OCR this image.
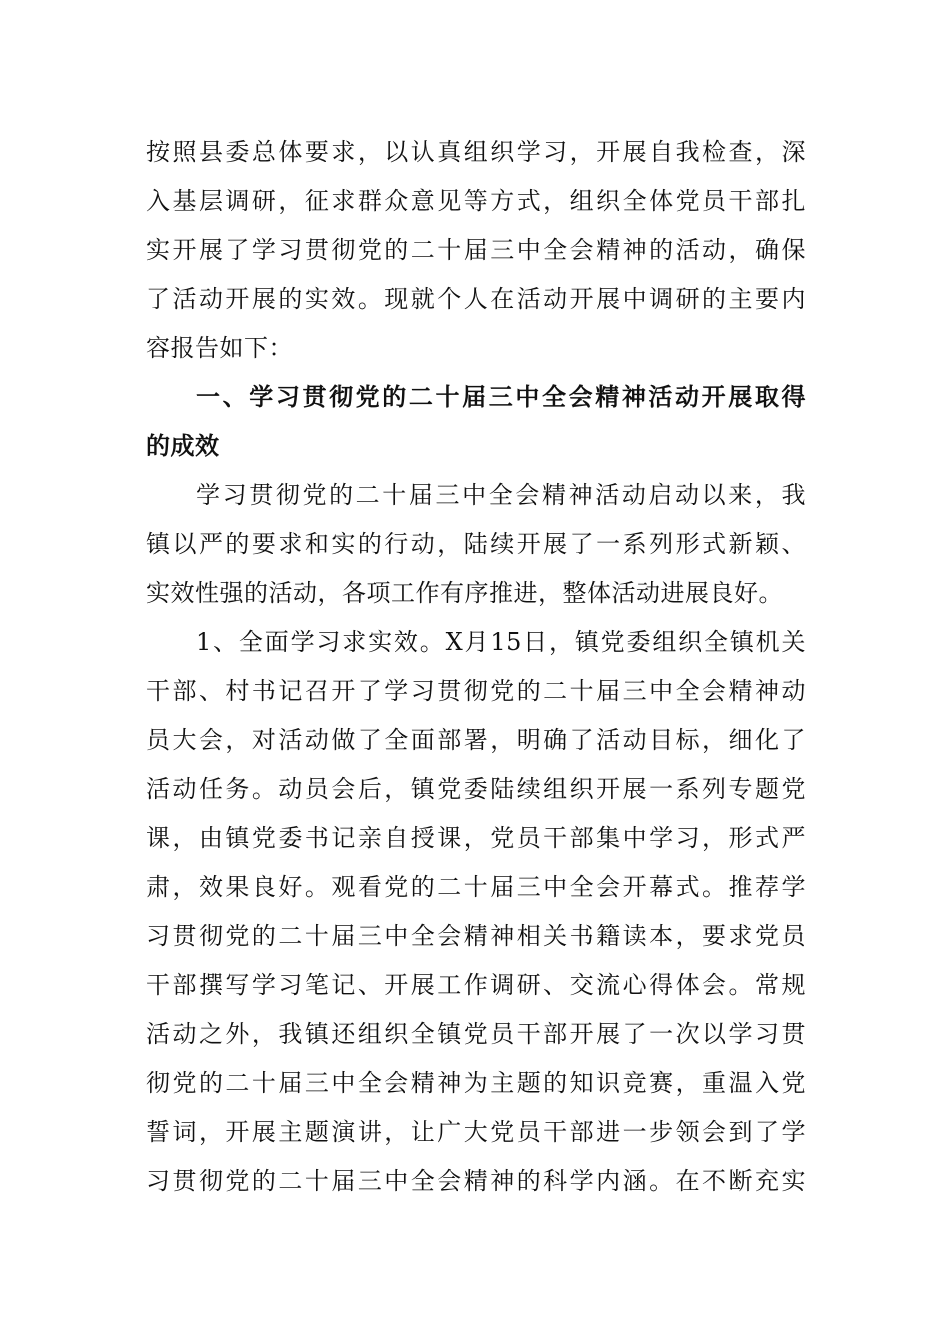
按照县委总体要求，以认真组织学习，开展自我检查，深
入基层调研，征求群众意见等方式，组织全体党员干部扎
实开展了学习贯彻党的二十届三中全会精神的活动，确保
了活动开展的实效。现就个人在活动开展中调研的主要内
容报告如下：
一、学习贯彻党的二十届三中全会精神活动开展取得
的成效
学习贯彻党的二十届三中全会精神活动启动以来，我
镇以严的要求和实的行动，陆续开展了一系列形式新颖、
实效性强的活动，各项工作有序推进，整体活动进展良好。
1、全面学习求实效。X月15日，镇党委组织全镇机关
干部、村书记召开了学习贯彻党的二十届三中全会精神动
员大会，对活动做了全面部署，明确了活动目标，细化了
活动任务。动员会后，镇党委陆续组织开展一系列专题党
课，由镇党委书记亲自授课，党员干部集中学习，形式严
肃，效果良好。观看党的二十届三中全会开幕式。推荐学
习贯彻党的二十届三中全会精神相关书籍读本，要求党员
干部撰写学习笔记、开展工作调研、交流心得体会。常规
活动之外，我镇还组织全镇党员干部开展了一次以学习贯
彻党的二十届三中全会精神为主题的知识竞赛，重温入党
誓词，开展主题演讲，让广大党员干部进一步领会到了学
习贯彻党的二十届三中全会精神的科学内涵。在不断充实
